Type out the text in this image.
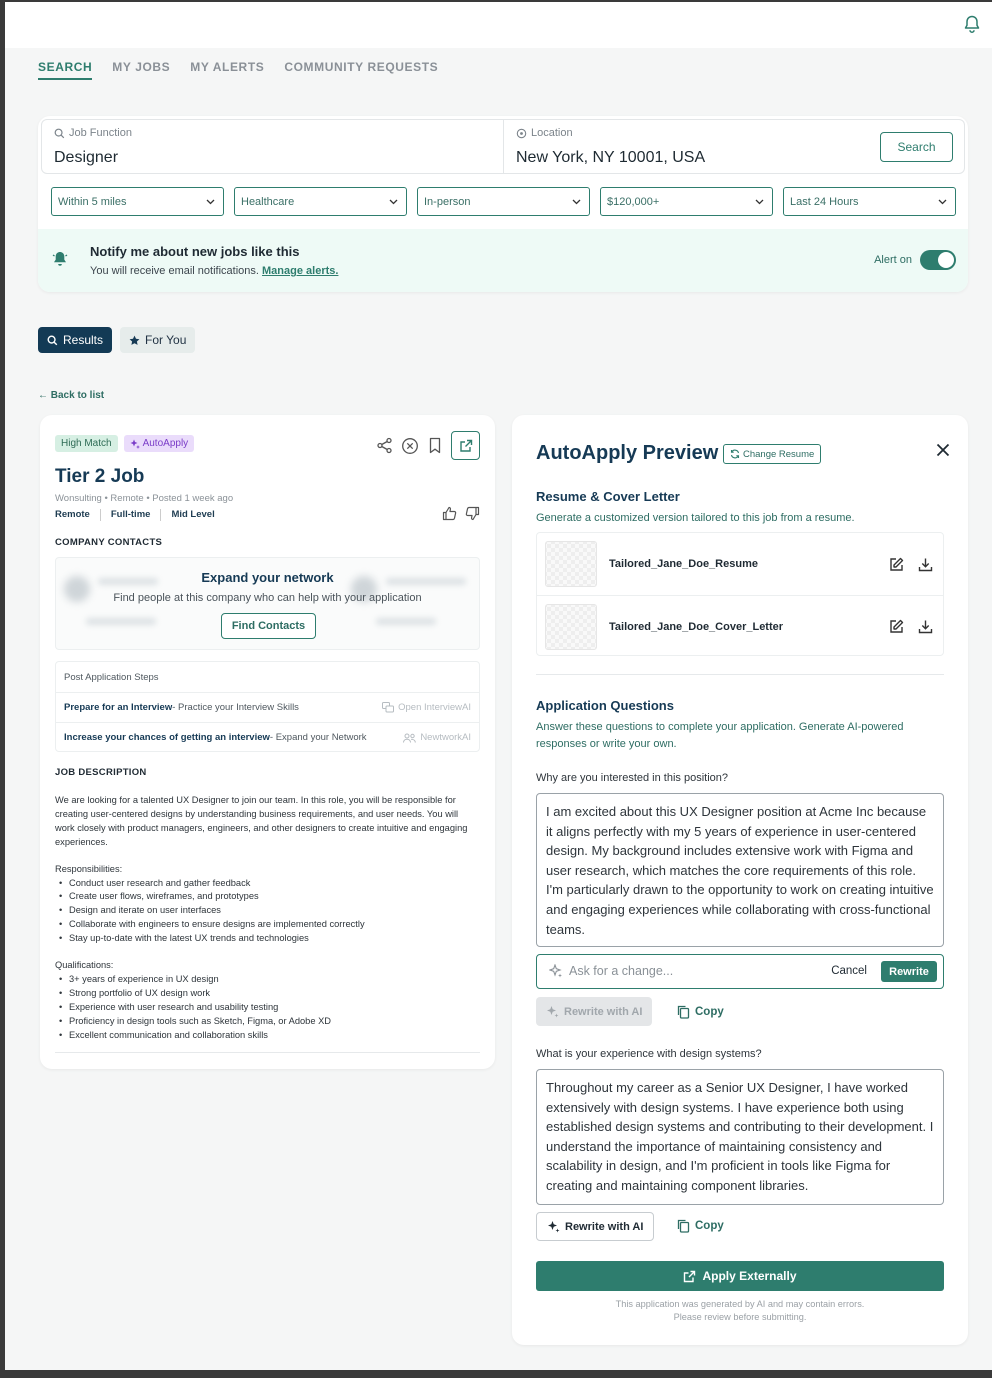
SEARCH MY JOBS MY ALERTS COMMUNITY REQUESTS
Job Function
Designer
Location
New York, NY 10001, USA
Search
Within 5 miles	Healthcare	In-person	$120,000+	Last 24 Hours
Notify me about new jobs like this
You will receive email notifications. Manage alerts.
Alert on
Results	For You
← Back to list
High Match	AutoApply
Tier 2 Job
Wonsulting • Remote • Posted 1 week ago
Remote Full-time Mid Level
COMPANY CONTACTS
Expand your network
Find people at this company who can help with your application
Find Contacts
Post Application Steps
Prepare for an Interview - Practice your Interview Skills	Open InterviewAI
Increase your chances of getting an interview - Expand your Network	NewtworkAI
JOB DESCRIPTION

We are looking for a talented UX Designer to join our team. In this role, you will be responsible for creating user-centered designs by understanding business requirements, and user needs. You will work closely with product managers, engineers, and other designers to create intuitive and engaging experiences.

Responsibilities:

• Conduct user research and gather feedback
• Create user flows, wireframes, and prototypes
• Design and iterate on user interfaces
• Collaborate with engineers to ensure designs are implemented correctly
• Stay up-to-date with the latest UX trends and technologies

Qualifications:

• 3+ years of experience in UX design
• Strong portfolio of UX design work
• Experience with user research and usability testing
• Proficiency in design tools such as Sketch, Figma, or Adobe XD
• Excellent communication and collaboration skills
AutoApply Preview	Change Resume
Resume & Cover Letter
Generate a customized version tailored to this job from a resume.
Tailored_Jane_Doe_Resume
Tailored_Jane_Doe_Cover_Letter
Application Questions
Answer these questions to complete your application. Generate AI-powered responses or write your own.
Why are you interested in this position?
I am excited about this UX Designer position at Acme Inc because it aligns perfectly with my 5 years of experience in user-centered design. My background includes extensive work with Figma and user research, which matches the core requirements of this role. I'm particularly drawn to the opportunity to work on creating intuitive and engaging experiences while collaborating with cross-functional teams.
Ask for a change...	Cancel	Rewrite
Rewrite with AI	Copy
What is your experience with design systems?
Throughout my career as a Senior UX Designer, I have worked extensively with design systems. I have experience both using established design systems and contributing to their development. I understand the importance of maintaining consistency and scalability in design, and I'm proficient in tools like Figma for creating and maintaining component libraries.
Rewrite with AI	Copy
Apply Externally
This application was generated by AI and may contain errors.
Please review before submitting.
